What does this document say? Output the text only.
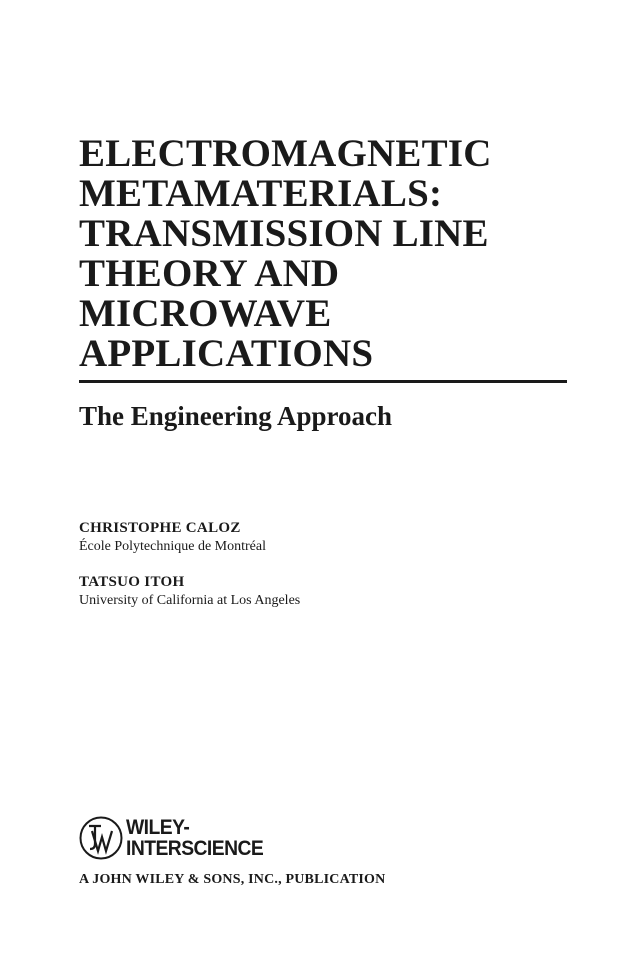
ELECTROMAGNETIC
METAMATERIALS:
TRANSMISSION LINE
THEORY AND
MICROWAVE
APPLICATIONS
The Engineering Approach
CHRISTOPHE CALOZ
École Polytechnique de Montréal
TATSUO ITOH
University of California at Los Angeles
WILEY-
INTERSCIENCE
A JOHN WILEY & SONS, INC., PUBLICATION
